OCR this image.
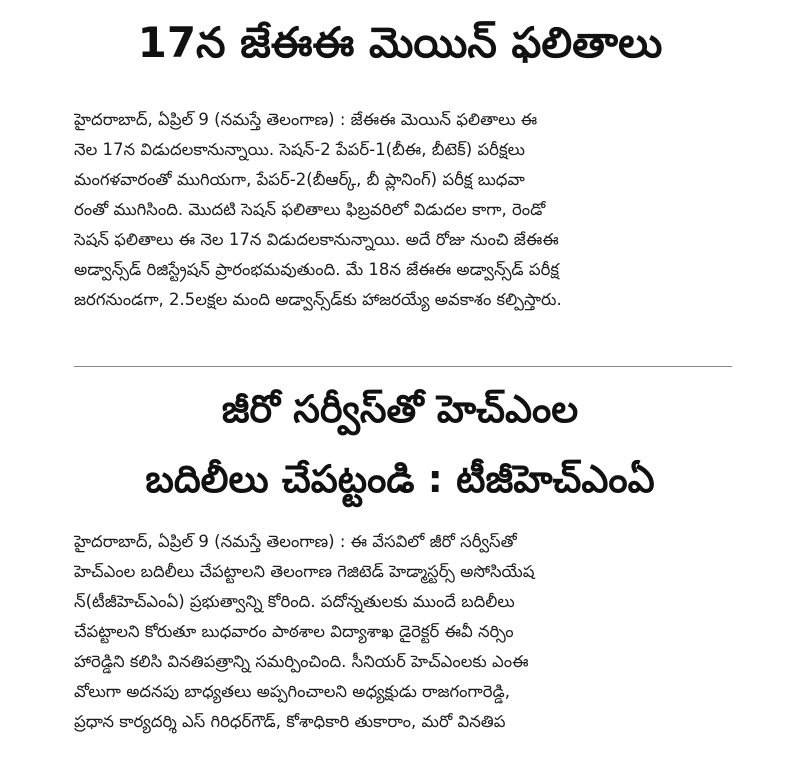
17న జేఈఈ మెయిన్ ఫలితాలు
హైదరాబాద్, ఏప్రిల్ 9 (నమస్తే తెలంగాణ) : జేఈఈ మెయిన్ ఫలితాలు ఈ
నెల 17న విడుదలకానున్నాయి. సెషన్-2 పేపర్-1(బీఈ, బీటెక్) పరీక్షలు
మంగళవారంతో ముగియగా, పేపర్-2(బీఆర్క్, బీ ప్లానింగ్) పరీక్ష బుధవా
రంతో ముగిసింది. మొదటి సెషన్ ఫలితాలు ఫిబ్రవరిలో విడుదల కాగా, రెండో
సెషన్ ఫలితాలు ఈ నెల 17న విడుదలకానున్నాయి. అదే రోజు నుంచి జేఈఈ
అడ్వాన్స్‌డ్ రిజిస్ట్రేషన్ ప్రారంభమవుతుంది. మే 18న జేఈఈ అడ్వాన్స్‌డ్ పరీక్ష
జరగనుండగా, 2.5లక్షల మంది అడ్వాన్స్‌డ్‌కు హాజరయ్యే అవకాశం కల్పిస్తారు.
జీరో సర్వీస్‌తో హెచ్ఎంల
బదిలీలు చేపట్టండి : టీజీహెచ్ఎంఏ
హైదరాబాద్, ఏప్రిల్ 9 (నమస్తే తెలంగాణ) : ఈ వేసవిలో జీరో సర్వీస్‌తో
హెచ్ఎంల బదిలీలు చేపట్టాలని తెలంగాణ గెజిటెడ్ హెడ్మాస్టర్స్ అసోసియేష
న్(టీజీహెచ్ఎంఏ) ప్రభుత్వాన్ని కోరింది. పదోన్నతులకు ముందే బదిలీలు
చేపట్టాలని కోరుతూ బుధవారం పాఠశాల విద్యాశాఖ డైరెక్టర్ ఈవీ నర్సిం
హారెడ్డిని కలిసి వినతిపత్రాన్ని సమర్పించింది. సీనియర్ హెచ్ఎంలకు ఎంఈ
వోలుగా అదనపు బాధ్యతలు అప్పగించాలని అధ్యక్షుడు రాజగంగారెడ్డి,
ప్రధాన కార్యదర్శి ఎస్ గిరిధర్‌గౌడ్, కోశాధికారి తుకారాం, మరో వినతిప
